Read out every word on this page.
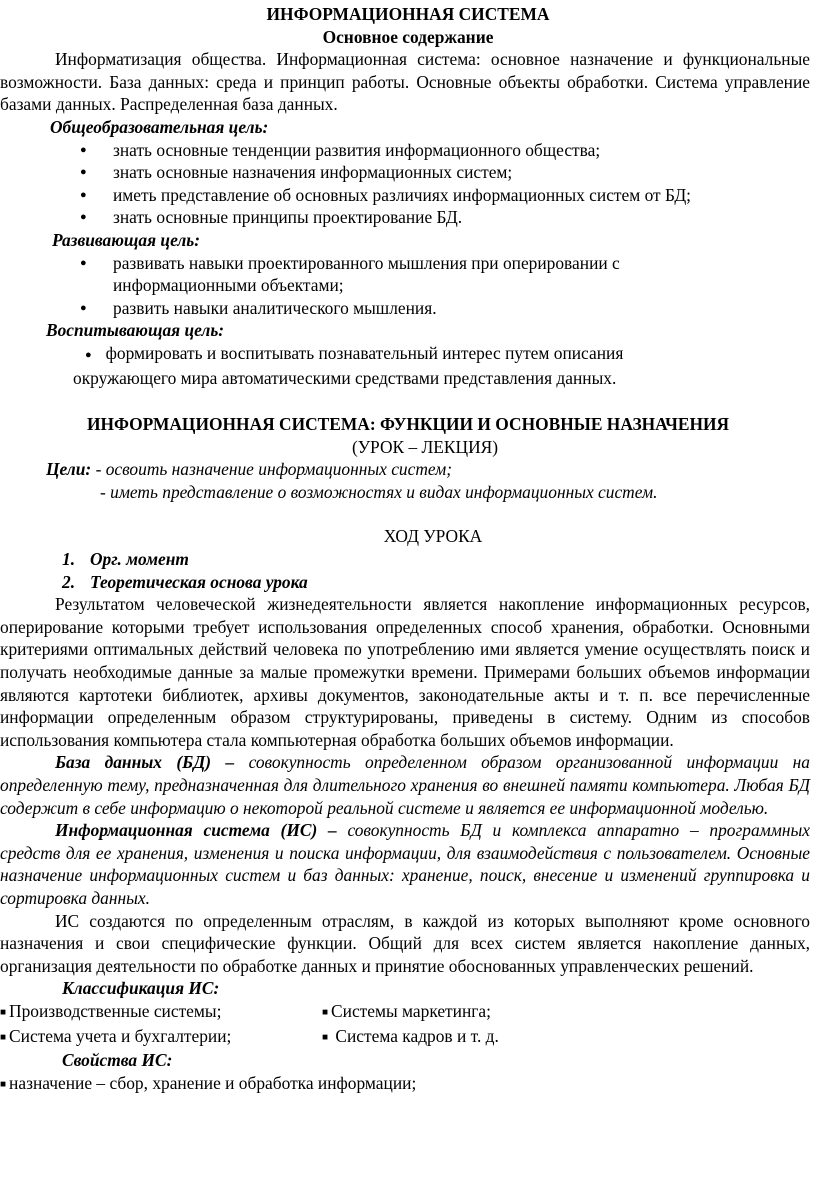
ИНФОРМАЦИОННАЯ СИСТЕМА

Основное содержание

Информатизация общества. Информационная система: основное назначение и функциональные возможности. База данных: среда и принцип работы. Основные объекты обработки. Система управление базами данных. Распределенная база данных.

Общеобразовательная цель:

● знать основные тенденции развития информационного общества;
● знать основные назначения информационных систем;
● иметь представление об основных различиях информационных систем от БД;
● знать основные принципы проектирование БД.

Развивающая цель:

● развивать навыки проектированного мышления при оперировании с информационными объектами;
● развить навыки аналитического мышления.

Воспитывающая цель:

● формировать и воспитывать познавательный интерес путем описания окружающего мира автоматическими средствами представления данных.

ИНФОРМАЦИОННАЯ СИСТЕМА: ФУНКЦИИ И ОСНОВНЫЕ НАЗНАЧЕНИЯ

(УРОК – ЛЕКЦИЯ)

Цели: - освоить назначение информационных систем;

- иметь представление о возможностях и видах информационных систем.

ХОД УРОКА

1. Орг. момент

2. Теоретическая основа урока

Результатом человеческой жизнедеятельности является накопление информационных ресурсов, оперирование которыми требует использования определенных способ хранения, обработки. Основными критериями оптимальных действий человека по употреблению ими является умение осуществлять поиск и получать необходимые данные за малые промежутки времени. Примерами больших объемов информации являются картотеки библиотек, архивы документов, законодательные акты и т. п. все перечисленные информации определенным образом структурированы, приведены в систему. Одним из способов использования компьютера стала компьютерная обработка больших объемов информации.

База данных (БД) – совокупность определенном образом организованной информации на определенную тему, предназначенная для длительного хранения во внешней памяти компьютера. Любая БД содержит в себе информацию о некоторой реальной системе и является ее информационной моделью.

Информационная система (ИС) – совокупность БД и комплекса аппаратно – программных средств для ее хранения, изменения и поиска информации, для взаимодействия с пользователем. Основные назначение информационных систем и баз данных: хранение, поиск, внесение и изменений группировка и сортировка данных.

ИС создаются по определенным отраслям, в каждой из которых выполняют кроме основного назначения и свои специфические функции. Общий для всех систем является накопление данных, организация деятельности по обработке данных и принятие обоснованных управленческих решений.

Классификация ИС:

■ Производственные системы;	■ Системы маркетинга;
■ Система учета и бухгалтерии;	■ Система кадров и т. д.

Свойства ИС:

■ назначение – сбор, хранение и обработка информации;
